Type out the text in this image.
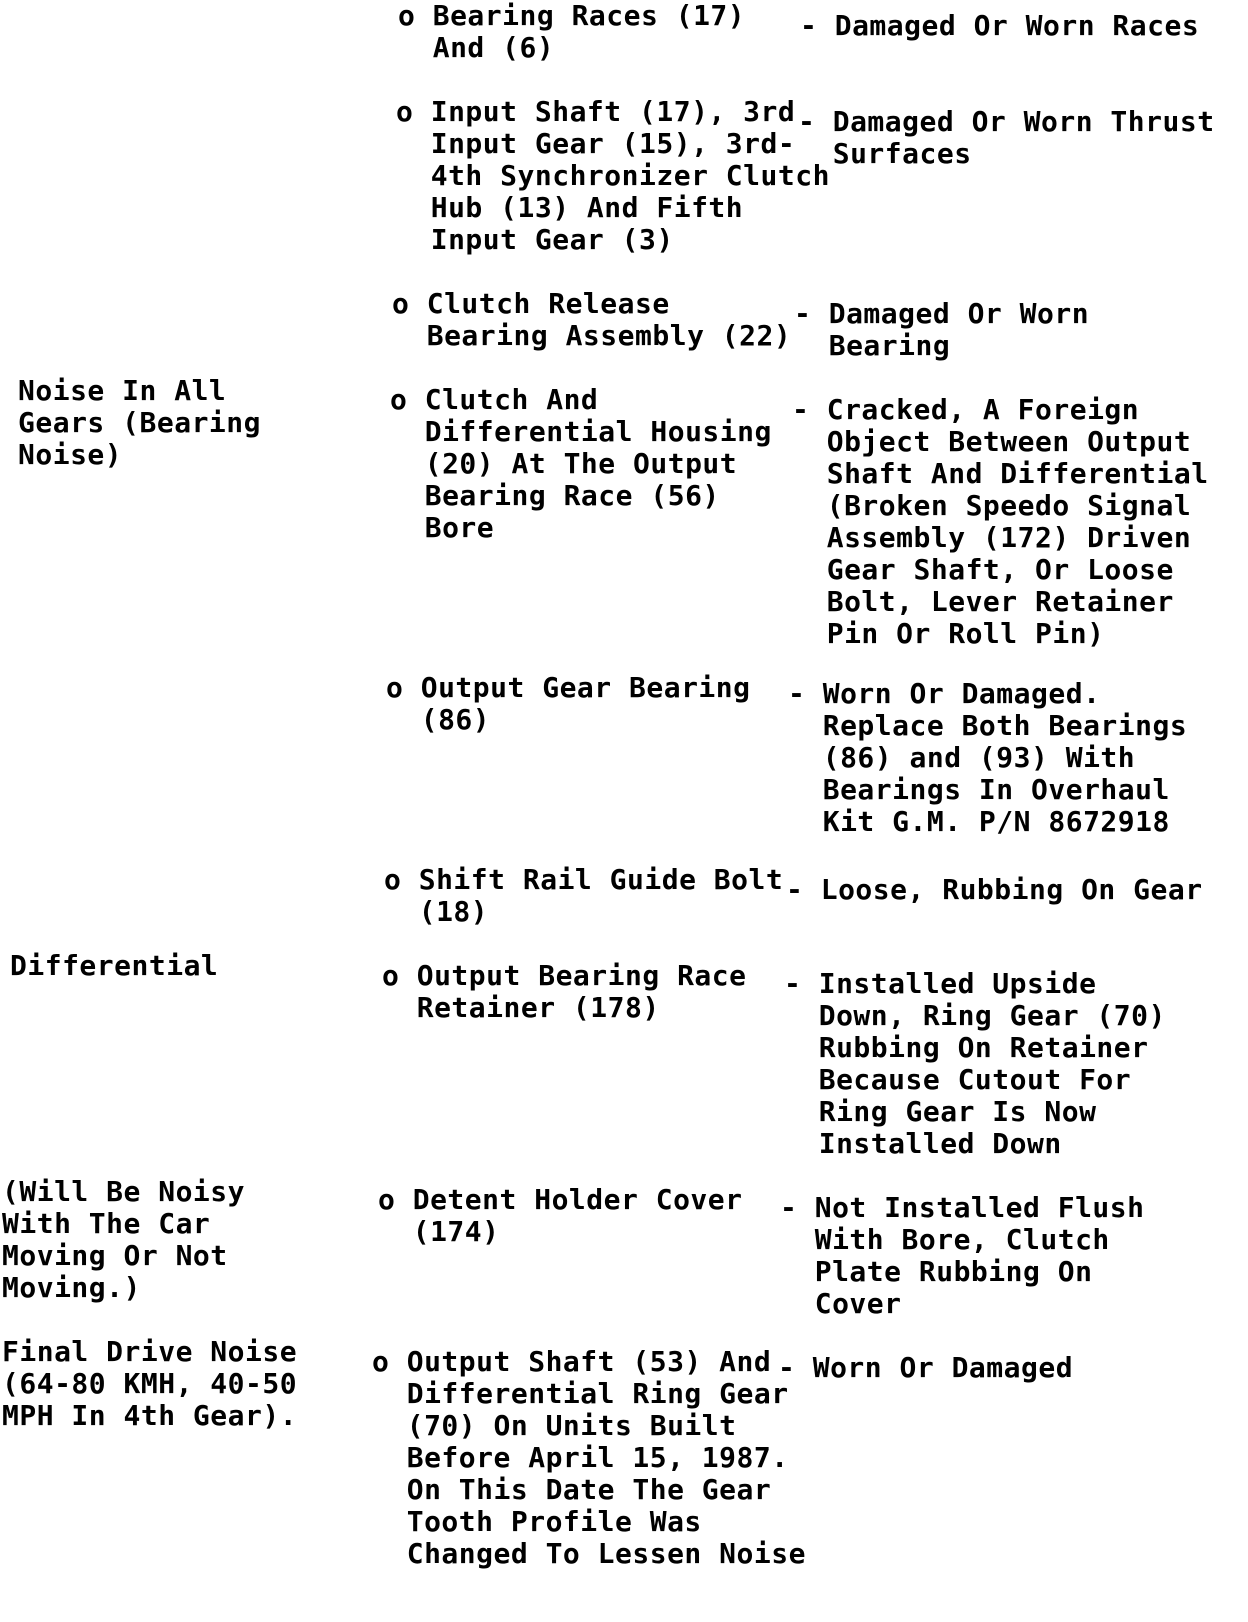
Noise In All
Gears (Bearing
Noise)
Differential
(Will Be Noisy
With The Car
Moving Or Not
Moving.)
Final Drive Noise
(64-80 KMH, 40-50
MPH In 4th Gear).
o Bearing Races (17)
And (6)
o Input Shaft (17), 3rd
Input Gear (15), 3rd-
4th Synchronizer Clutch
Hub (13) And Fifth
Input Gear (3)
o Clutch Release
Bearing Assembly (22)
o Clutch And
Differential Housing
(20) At The Output
Bearing Race (56)
Bore
o Output Gear Bearing
(86)
o Shift Rail Guide Bolt
(18)
o Output Bearing Race
Retainer (178)
o Detent Holder Cover
(174)
o Output Shaft (53) And
Differential Ring Gear
(70) On Units Built
Before April 15, 1987.
On This Date The Gear
Tooth Profile Was
Changed To Lessen Noise
- Damaged Or Worn Races
- Damaged Or Worn Thrust
Surfaces
- Damaged Or Worn
Bearing
- Cracked, A Foreign
Object Between Output
Shaft And Differential
(Broken Speedo Signal
Assembly (172) Driven
Gear Shaft, Or Loose
Bolt, Lever Retainer
Pin Or Roll Pin)
- Worn Or Damaged.
Replace Both Bearings
(86) and (93) With
Bearings In Overhaul
Kit G.M. P/N 8672918
- Loose, Rubbing On Gear
- Installed Upside
Down, Ring Gear (70)
Rubbing On Retainer
Because Cutout For
Ring Gear Is Now
Installed Down
- Not Installed Flush
With Bore, Clutch
Plate Rubbing On
Cover
- Worn Or Damaged
